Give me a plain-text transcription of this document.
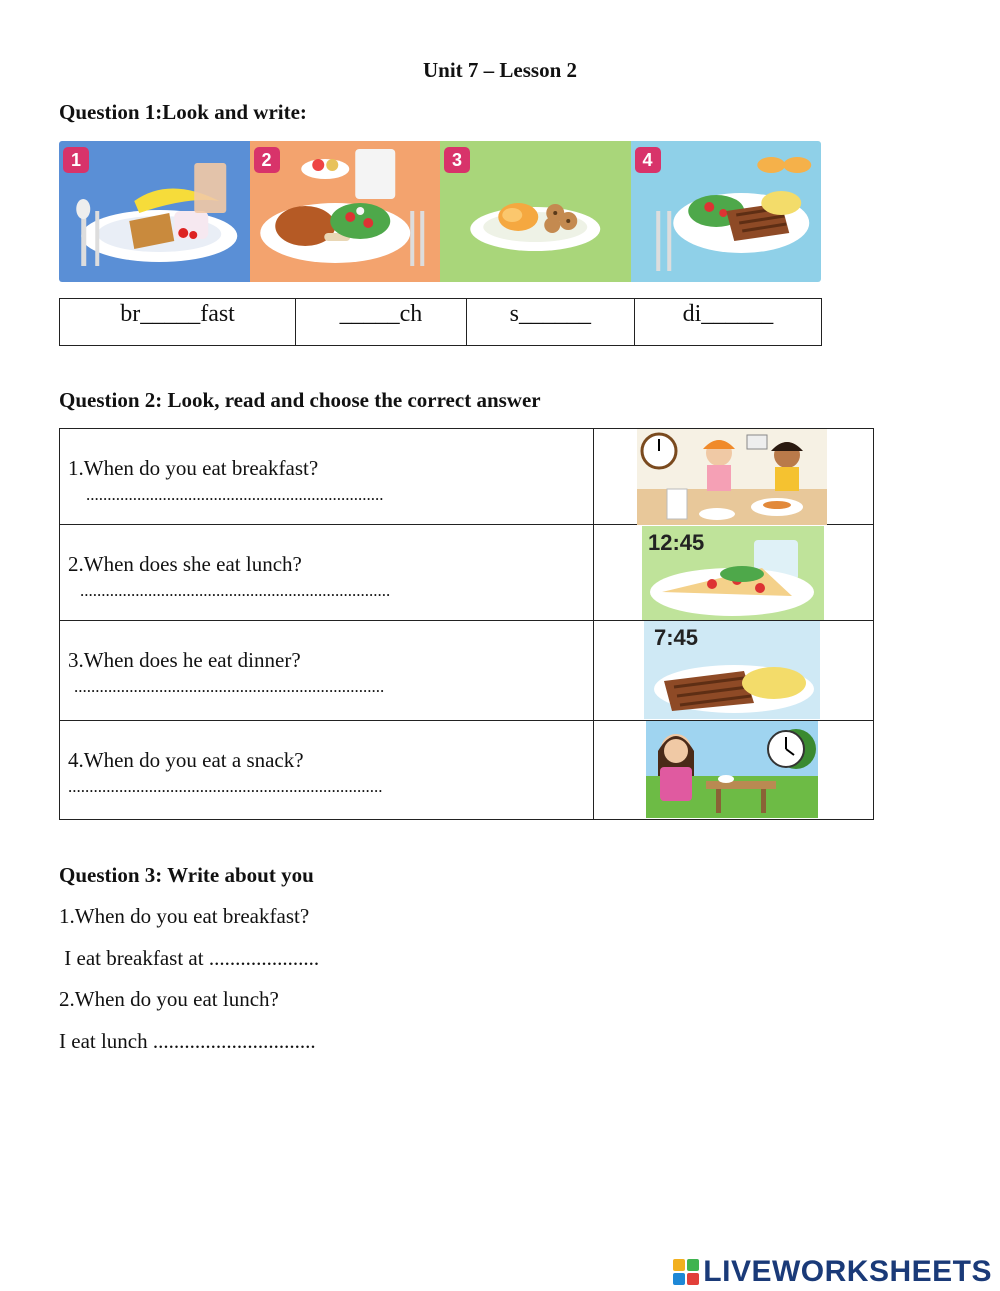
Unit 7 – Lesson 2
Question 1:Look and write:
1	2	3	4
br_____fast	_____ch	s______	di______
Question 2: Look, read and choose the correct answer
1.When do you eat breakfast?
......................................................................

2.When does she eat lunch?
.........................................................................	12:45

3.When does he eat dinner?
.........................................................................	7:45

4.When do you eat a snack?
..........................................................................

Question 3: Write about you
1.When do you eat breakfast?
I eat breakfast at .....................
2.When do you eat lunch?
I eat lunch ...............................
LIVEWORKSHEETS
